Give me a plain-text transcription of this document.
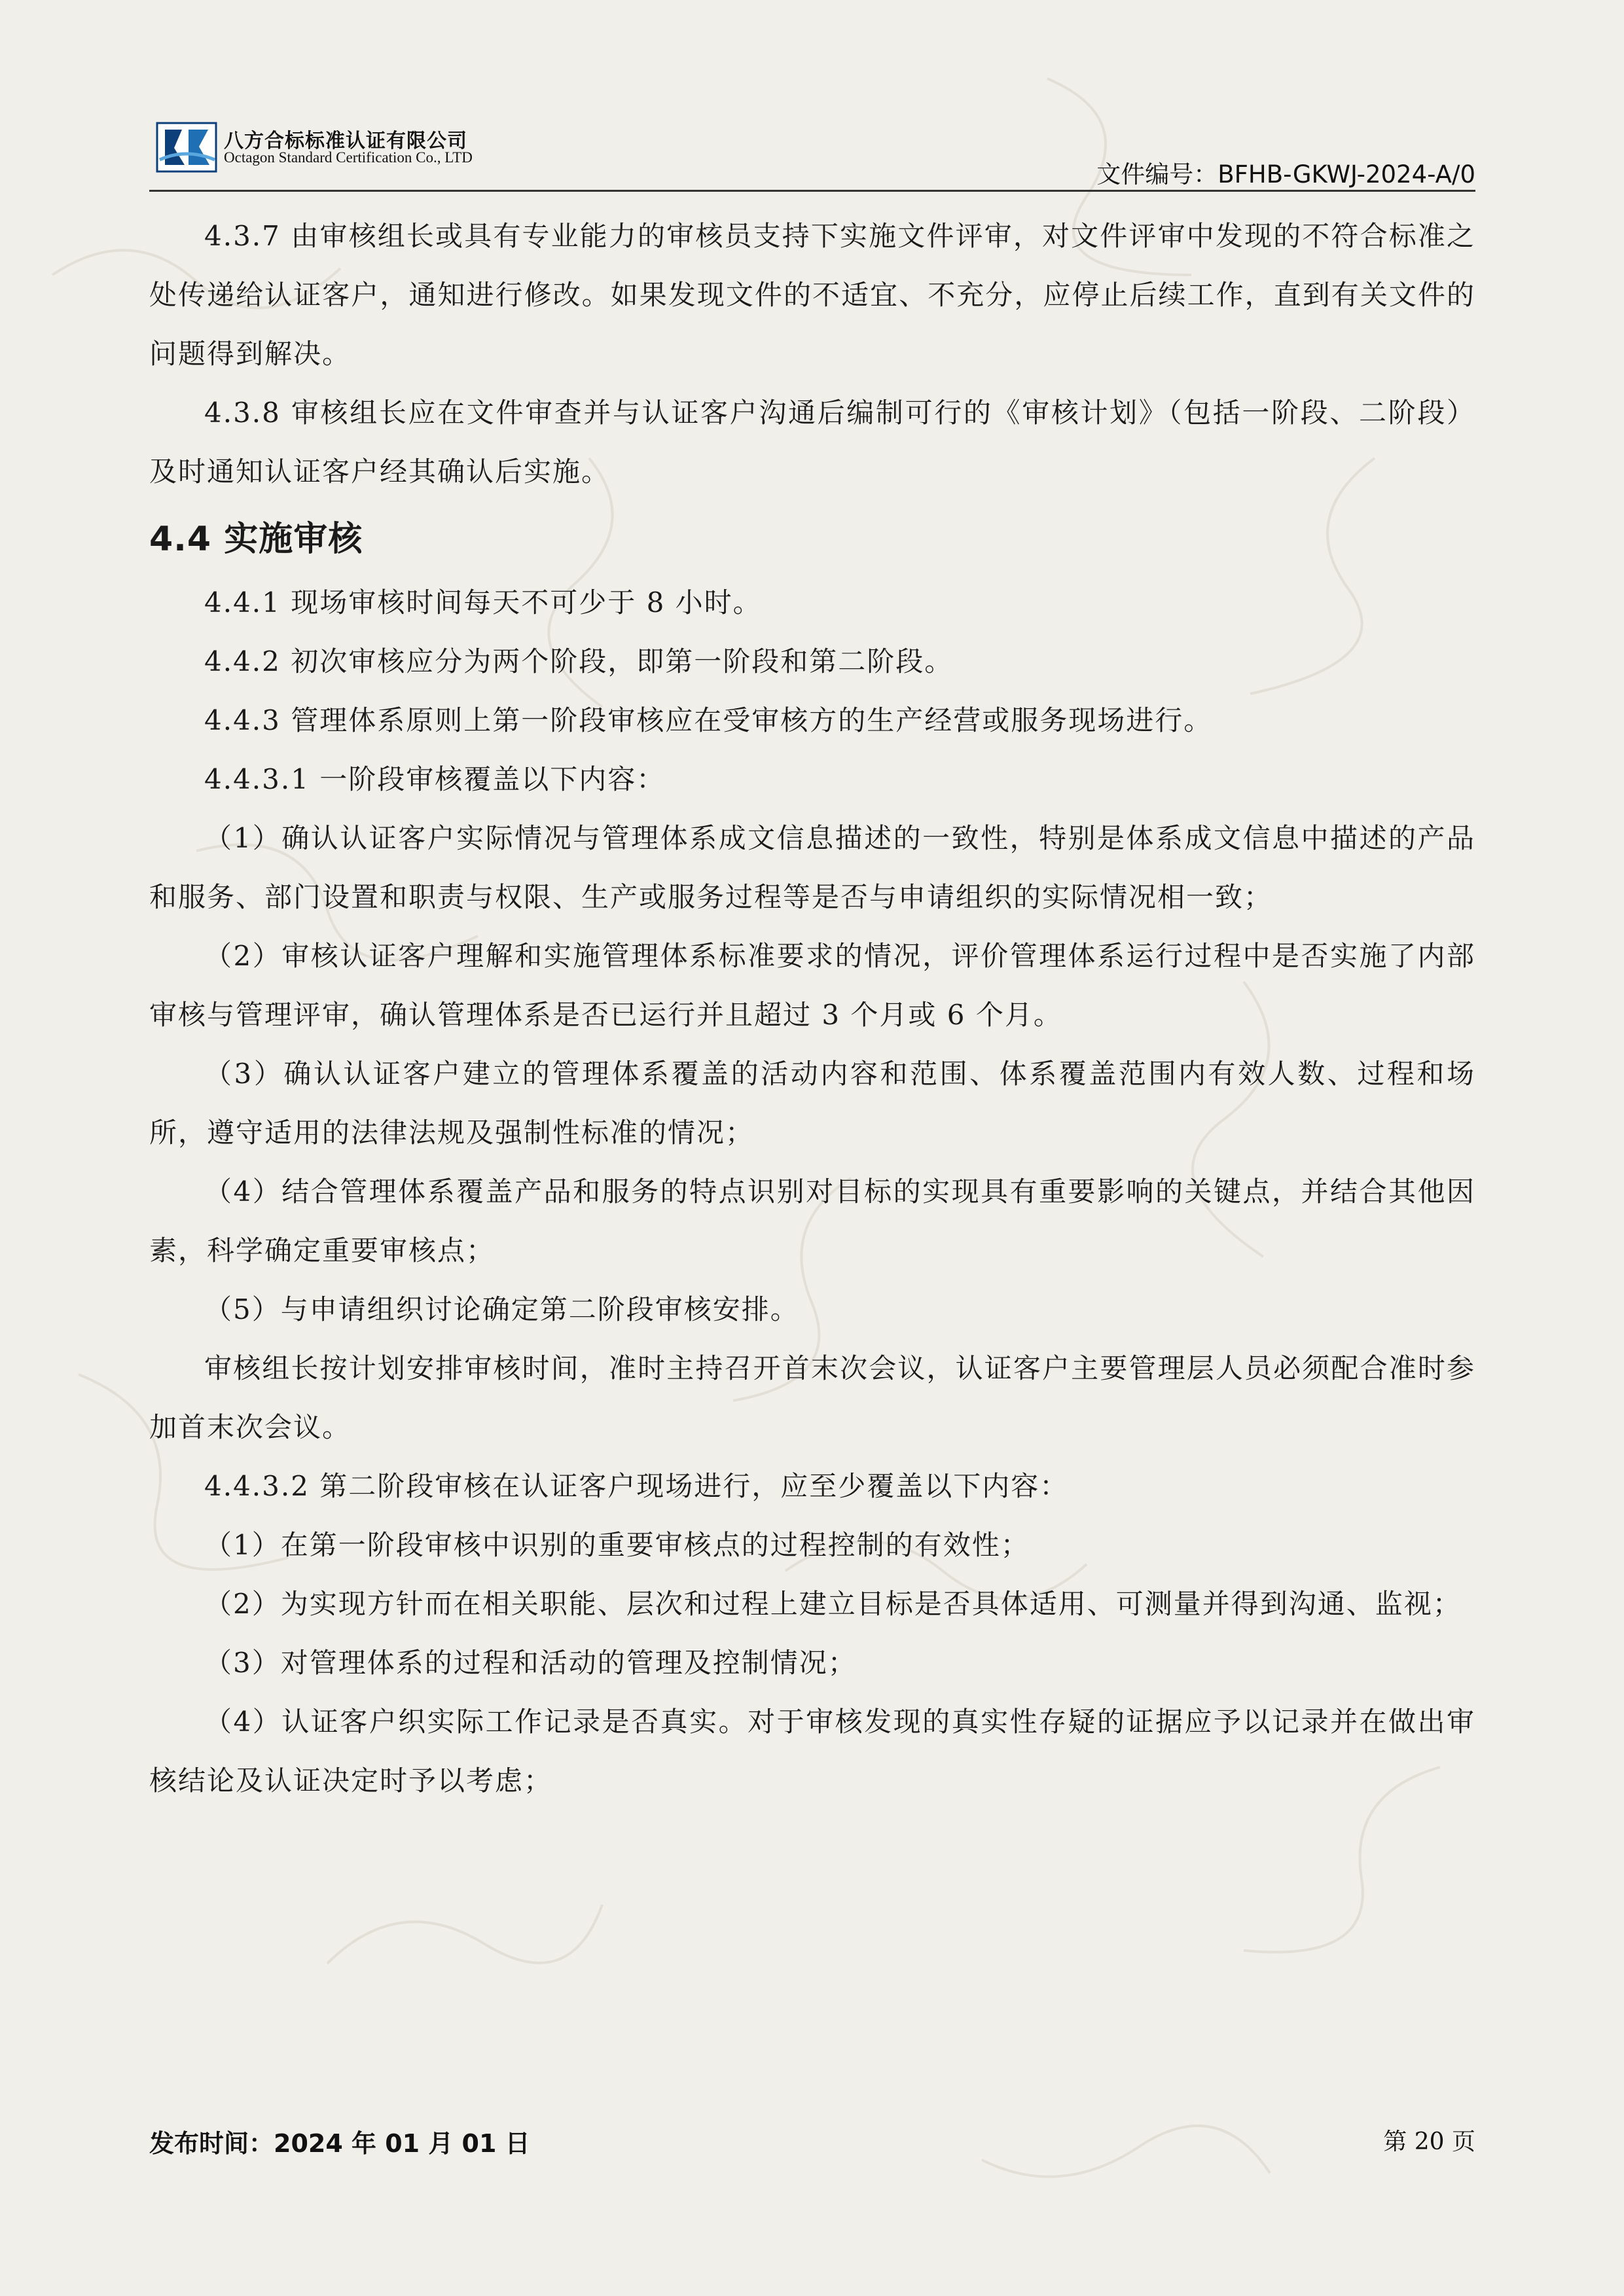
八方合标标准认证有限公司
Octagon Standard Certification Co., LTD
文件编号：BFHB-GKWJ-2024-A/0

4.3.7 由审核组长或具有专业能力的审核员支持下实施文件评审，对文件评审中发现的不符合标准之处传递给认证客户，通知进行修改。如果发现文件的不适宜、不充分，应停止后续工作，直到有关文件的问题得到解决。

4.3.8 审核组长应在文件审查并与认证客户沟通后编制可行的《审核计划》（包括一阶段、二阶段）及时通知认证客户经其确认后实施。

4.4 实施审核

4.4.1 现场审核时间每天不可少于 8 小时。

4.4.2 初次审核应分为两个阶段，即第一阶段和第二阶段。

4.4.3 管理体系原则上第一阶段审核应在受审核方的生产经营或服务现场进行。

4.4.3.1 一阶段审核覆盖以下内容：

（1）确认认证客户实际情况与管理体系成文信息描述的一致性，特别是体系成文信息中描述的产品和服务、部门设置和职责与权限、生产或服务过程等是否与申请组织的实际情况相一致；

（2）审核认证客户理解和实施管理体系标准要求的情况，评价管理体系运行过程中是否实施了内部审核与管理评审，确认管理体系是否已运行并且超过 3 个月或 6 个月。

（3）确认认证客户建立的管理体系覆盖的活动内容和范围、体系覆盖范围内有效人数、过程和场所，遵守适用的法律法规及强制性标准的情况；

（4）结合管理体系覆盖产品和服务的特点识别对目标的实现具有重要影响的关键点，并结合其他因素，科学确定重要审核点；

（5）与申请组织讨论确定第二阶段审核安排。

审核组长按计划安排审核时间，准时主持召开首末次会议，认证客户主要管理层人员必须配合准时参加首末次会议。

4.4.3.2 第二阶段审核在认证客户现场进行，应至少覆盖以下内容：

（1）在第一阶段审核中识别的重要审核点的过程控制的有效性；

（2）为实现方针而在相关职能、层次和过程上建立目标是否具体适用、可测量并得到沟通、监视；

（3）对管理体系的过程和活动的管理及控制情况；

（4）认证客户织实际工作记录是否真实。对于审核发现的真实性存疑的证据应予以记录并在做出审核结论及认证决定时予以考虑；

发布时间：2024 年 01 月 01 日	第 20 页
